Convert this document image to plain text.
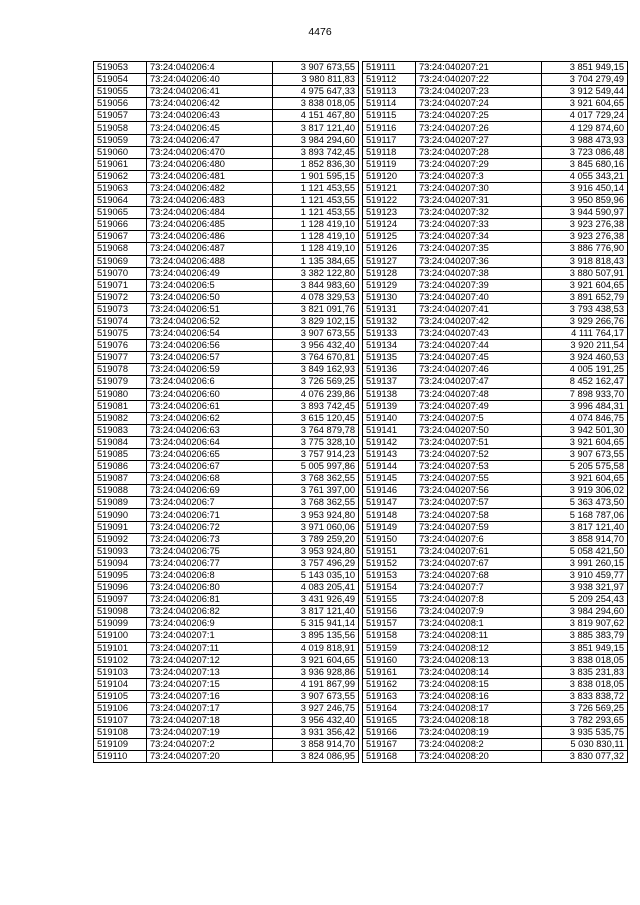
4476
519053	73:24:040206:4	3 907 673,55
519054	73:24:040206:40	3 980 811,83
519055	73:24:040206:41	4 975 647,33
519056	73:24:040206:42	3 838 018,05
519057	73:24:040206:43	4 151 467,80
519058	73:24:040206:45	3 817 121,40
519059	73:24:040206:47	3 984 294,60
519060	73:24:040206:470	3 893 742,45
519061	73:24:040206:480	1 852 836,30
519062	73:24:040206:481	1 901 595,15
519063	73:24:040206:482	1 121 453,55
519064	73:24:040206:483	1 121 453,55
519065	73:24:040206:484	1 121 453,55
519066	73:24:040206:485	1 128 419,10
519067	73:24:040206:486	1 128 419,10
519068	73:24:040206:487	1 128 419,10
519069	73:24:040206:488	1 135 384,65
519070	73:24:040206:49	3 382 122,80
519071	73:24:040206:5	3 844 983,60
519072	73:24:040206:50	4 078 329,53
519073	73:24:040206:51	3 821 091,76
519074	73:24:040206:52	3 829 102,15
519075	73:24:040206:54	3 907 673,55
519076	73:24:040206:56	3 956 432,40
519077	73:24:040206:57	3 764 670,81
519078	73:24:040206:59	3 849 162,93
519079	73:24:040206:6	3 726 569,25
519080	73:24:040206:60	4 076 239,86
519081	73:24:040206:61	3 893 742,45
519082	73:24:040206:62	3 615 120,45
519083	73:24:040206:63	3 764 879,78
519084	73:24:040206:64	3 775 328,10
519085	73:24:040206:65	3 757 914,23
519086	73:24:040206:67	5 005 997,86
519087	73:24:040206:68	3 768 362,55
519088	73:24:040206:69	3 761 397,00
519089	73:24:040206:7	3 768 362,55
519090	73:24:040206:71	3 953 924,80
519091	73:24:040206:72	3 971 060,06
519092	73:24:040206:73	3 789 259,20
519093	73:24:040206:75	3 953 924,80
519094	73:24:040206:77	3 757 496,29
519095	73:24:040206:8	5 143 035,10
519096	73:24:040206:80	4 083 205,41
519097	73:24:040206:81	3 431 926,49
519098	73:24:040206:82	3 817 121,40
519099	73:24:040206:9	5 315 941,14
519100	73:24:040207:1	3 895 135,56
519101	73:24:040207:11	4 019 818,91
519102	73:24:040207:12	3 921 604,65
519103	73:24:040207:13	3 936 928,86
519104	73:24:040207:15	4 191 867,99
519105	73:24:040207:16	3 907 673,55
519106	73:24:040207:17	3 927 246,75
519107	73:24:040207:18	3 956 432,40
519108	73:24:040207:19	3 931 356,42
519109	73:24:040207:2	3 858 914,70
519110	73:24:040207:20	3 824 086,95
519111	73:24:040207:21	3 851 949,15
519112	73:24:040207:22	3 704 279,49
519113	73:24:040207:23	3 912 549,44
519114	73:24:040207:24	3 921 604,65
519115	73:24:040207:25	4 017 729,24
519116	73:24:040207:26	4 129 874,60
519117	73:24:040207:27	3 988 473,93
519118	73:24:040207:28	3 723 086,48
519119	73:24:040207:29	3 845 680,16
519120	73:24:040207:3	4 055 343,21
519121	73:24:040207:30	3 916 450,14
519122	73:24:040207:31	3 950 859,96
519123	73:24:040207:32	3 944 590,97
519124	73:24:040207:33	3 923 276,38
519125	73:24:040207:34	3 923 276,38
519126	73:24:040207:35	3 886 776,90
519127	73:24:040207:36	3 918 818,43
519128	73:24:040207:38	3 880 507,91
519129	73:24:040207:39	3 921 604,65
519130	73:24:040207:40	3 891 652,79
519131	73:24:040207:41	3 793 438,53
519132	73:24:040207:42	3 929 266,76
519133	73:24:040207:43	4 111 764,17
519134	73:24:040207:44	3 920 211,54
519135	73:24:040207:45	3 924 460,53
519136	73:24:040207:46	4 005 191,25
519137	73:24:040207:47	8 452 162,47
519138	73:24:040207:48	7 898 933,70
519139	73:24:040207:49	3 996 484,31
519140	73:24:040207:5	4 074 846,75
519141	73:24:040207:50	3 942 501,30
519142	73:24:040207:51	3 921 604,65
519143	73:24:040207:52	3 907 673,55
519144	73:24:040207:53	5 205 575,58
519145	73:24:040207:55	3 921 604,65
519146	73:24:040207:56	3 919 306,02
519147	73:24:040207:57	5 363 473,50
519148	73:24:040207:58	5 168 787,06
519149	73:24:040207:59	3 817 121,40
519150	73:24:040207:6	3 858 914,70
519151	73:24:040207:61	5 058 421,50
519152	73:24:040207:67	3 991 260,15
519153	73:24:040207:68	3 910 459,77
519154	73:24:040207:7	3 938 321,97
519155	73:24:040207:8	5 209 254,43
519156	73:24:040207:9	3 984 294,60
519157	73:24:040208:1	3 819 907,62
519158	73:24:040208:11	3 885 383,79
519159	73:24:040208:12	3 851 949,15
519160	73:24:040208:13	3 838 018,05
519161	73:24:040208:14	3 835 231,83
519162	73:24:040208:15	3 838 018,05
519163	73:24:040208:16	3 833 838,72
519164	73:24:040208:17	3 726 569,25
519165	73:24:040208:18	3 782 293,65
519166	73:24:040208:19	3 935 535,75
519167	73:24:040208:2	5 030 830,11
519168	73:24:040208:20	3 830 077,32
